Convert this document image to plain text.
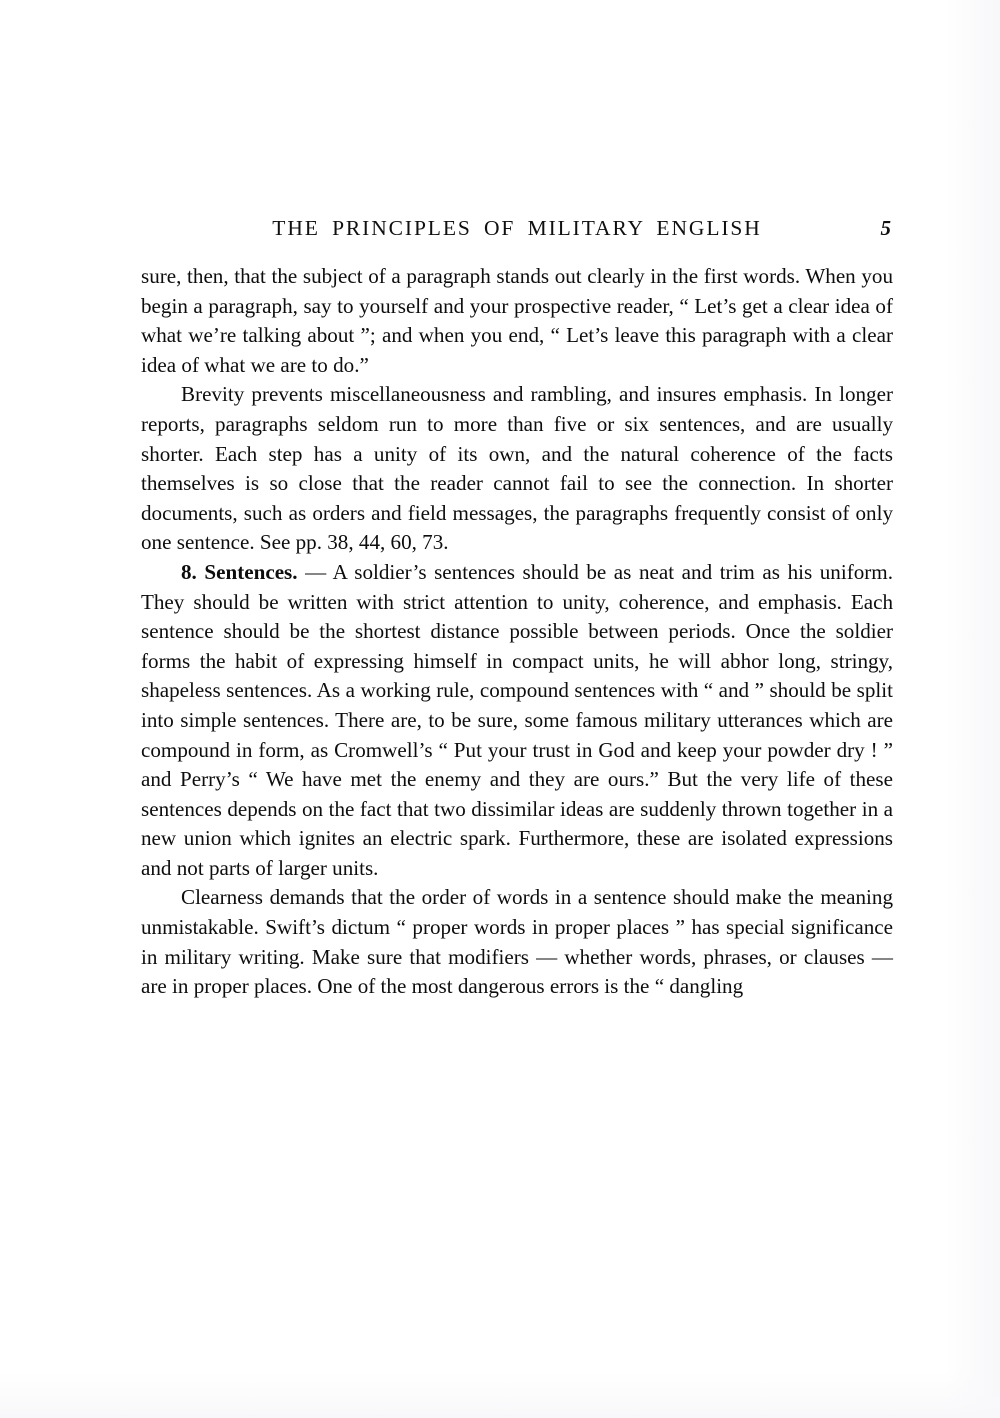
THE PRINCIPLES OF MILITARY ENGLISH	5

sure, then, that the subject of a paragraph stands out clearly in the first words. When you begin a paragraph, say to yourself and your prospective reader, “ Let’s get a clear idea of what we’re talking about ”; and when you end, “ Let’s leave this paragraph with a clear idea of what we are to do.”

Brevity prevents miscellaneousness and rambling, and insures emphasis. In longer reports, paragraphs seldom run to more than five or six sentences, and are usually shorter. Each step has a unity of its own, and the natural coherence of the facts themselves is so close that the reader cannot fail to see the connection. In shorter documents, such as orders and field messages, the paragraphs frequently consist of only one sentence. See pp. 38, 44, 60, 73.

8. Sentences. — A soldier’s sentences should be as neat and trim as his uniform. They should be written with strict attention to unity, coherence, and emphasis. Each sentence should be the shortest distance possible between periods. Once the soldier forms the habit of expressing himself in compact units, he will abhor long, stringy, shapeless sentences. As a working rule, compound sentences with “ and ” should be split into simple sentences. There are, to be sure, some famous military utterances which are compound in form, as Cromwell’s “ Put your trust in God and keep your powder dry ! ” and Perry’s “ We have met the enemy and they are ours.” But the very life of these sentences depends on the fact that two dissimilar ideas are suddenly thrown together in a new union which ignites an electric spark. Furthermore, these are isolated expressions and not parts of larger units.

Clearness demands that the order of words in a sentence should make the meaning unmistakable. Swift’s dictum “ proper words in proper places ” has special significance in military writing. Make sure that modifiers — whether words, phrases, or clauses — are in proper places. One of the most dangerous errors is the “ dangling
